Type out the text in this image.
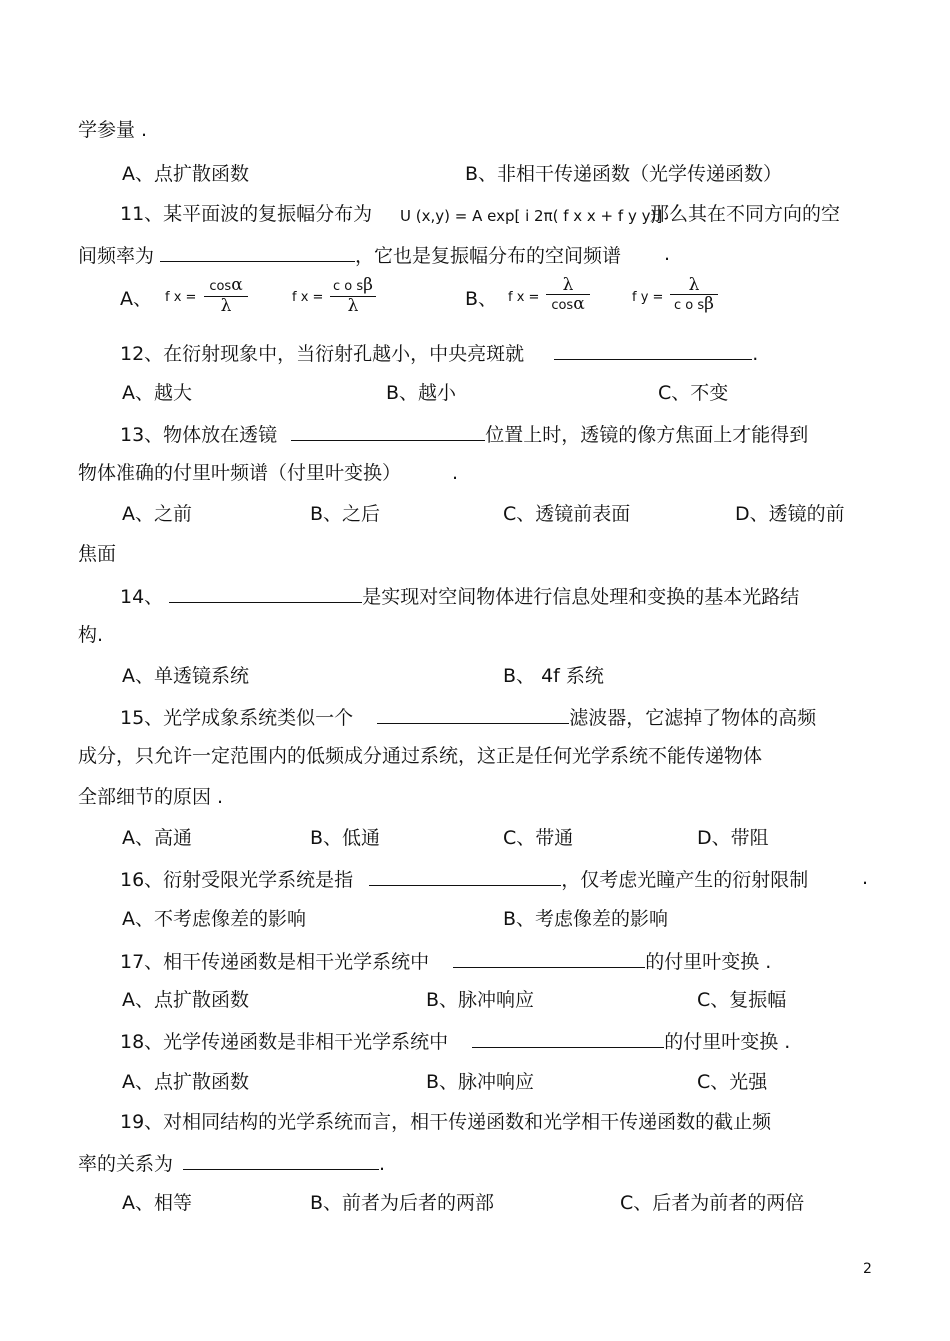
学参量 .
A、点扩散函数	B、非相干传递函数（光学传递函数）
11、某平面波的复振幅分布为 U (x,y) = A exp[ i 2π( f x x + f y y)]
那么其在不同方向的空
间频率为	，它也是复振幅分布的空间频谱 .
A、 f x =
cosα
λ	f x =
c o sβ
λ	B、 f x =
λ
cosα	f y =
λ
c o sβ
12、在衍射现象中，当衍射孔越小，中央亮斑就	.
A、越大	B、越小	C、不变
13、物体放在透镜	位置上时，透镜的像方焦面上才能得到
物体准确的付里叶频谱（付里叶变换）	.
A、之前	B、之后	C、透镜前表面	D、透镜的前
焦面
14、	是实现对空间物体进行信息处理和变换的基本光路结
构.
A、单透镜系统	B、 4f 系统
15、光学成象系统类似一个	滤波器，它滤掉了物体的高频
成分，只允许一定范围内的低频成分通过系统，这正是任何光学系统不能传递物体
全部细节的原因 .
A、高通	B、低通	C、带通	D、带阻
16、衍射受限光学系统是指	，仅考虑光瞳产生的衍射限制	.
A、不考虑像差的影响	B、考虑像差的影响
17、相干传递函数是相干光学系统中	的付里叶变换 .
A、点扩散函数	B、脉冲响应	C、复振幅
18、光学传递函数是非相干光学系统中	的付里叶变换 .
A、点扩散函数	B、脉冲响应	C、光强
19、对相同结构的光学系统而言，相干传递函数和光学相干传递函数的截止频
率的关系为	.
A、相等	B、前者为后者的两部	C、后者为前者的两倍
2
